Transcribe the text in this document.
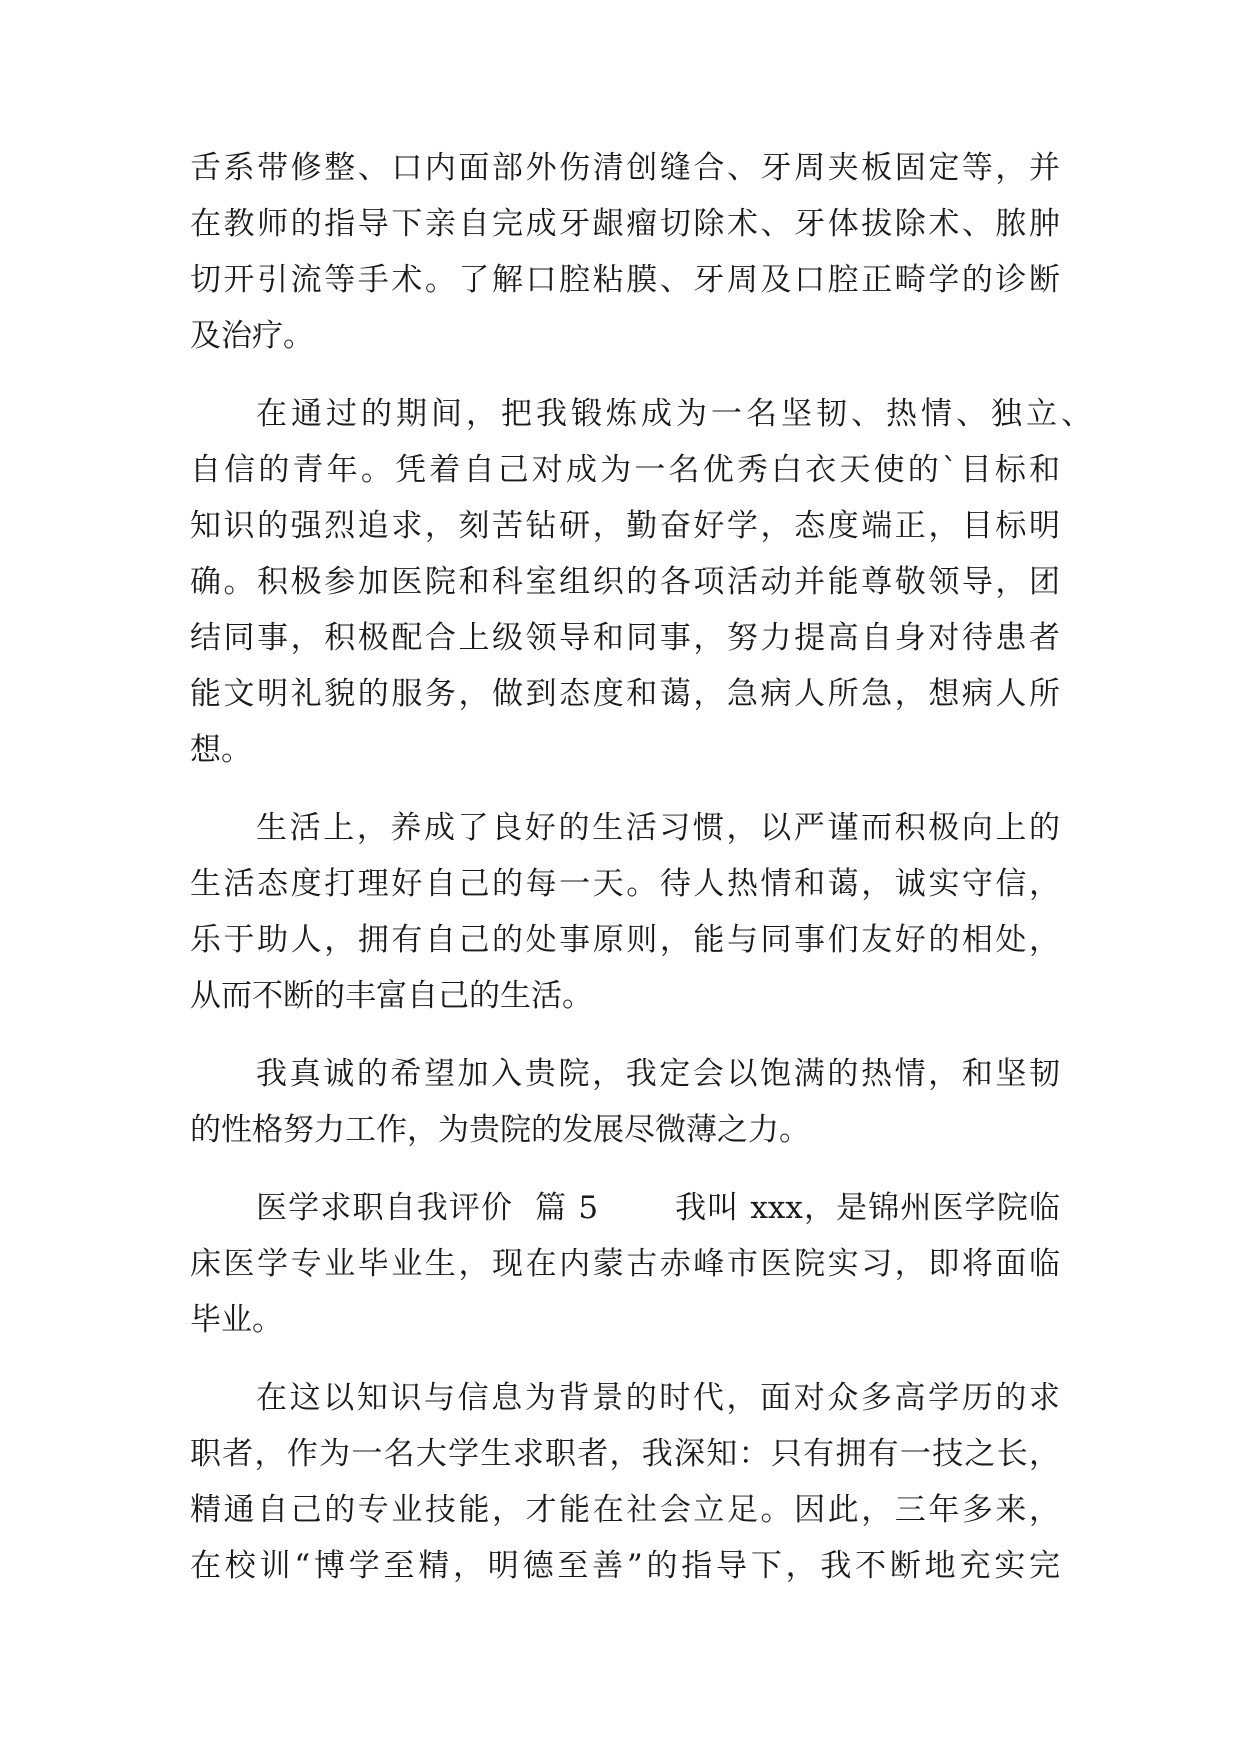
舌系带修整、口内面部外伤清创缝合、牙周夹板固定等，并

在教师的指导下亲自完成牙龈瘤切除术、牙体拔除术、脓肿

切开引流等手术。了解口腔粘膜、牙周及口腔正畸学的诊断

及治疗。

在通过的期间，把我锻炼成为一名坚韧、热情、独立、

自信的青年。凭着自己对成为一名优秀白衣天使的`目标和

知识的强烈追求，刻苦钻研，勤奋好学，态度端正，目标明

确。积极参加医院和科室组织的各项活动并能尊敬领导，团

结同事，积极配合上级领导和同事，努力提高自身对待患者

能文明礼貌的服务，做到态度和蔼，急病人所急，想病人所

想。

生活上，养成了良好的生活习惯，以严谨而积极向上的

生活态度打理好自己的每一天。待人热情和蔼，诚实守信，

乐于助人，拥有自己的处事原则，能与同事们友好的相处，

从而不断的丰富自己的生活。

我真诚的希望加入贵院，我定会以饱满的热情，和坚韧

的性格努力工作，为贵院的发展尽微薄之力。

医学求职自我评价  篇 5       我叫 xxx，是锦州医学院临

床医学专业毕业生，现在内蒙古赤峰市医院实习，即将面临

毕业。

在这以知识与信息为背景的时代，面对众多高学历的求

职者，作为一名大学生求职者，我深知：只有拥有一技之长，

精通自己的专业技能，才能在社会立足。因此，三年多来，

在校训“博学至精，明德至善”的指导下，我不断地充实完
